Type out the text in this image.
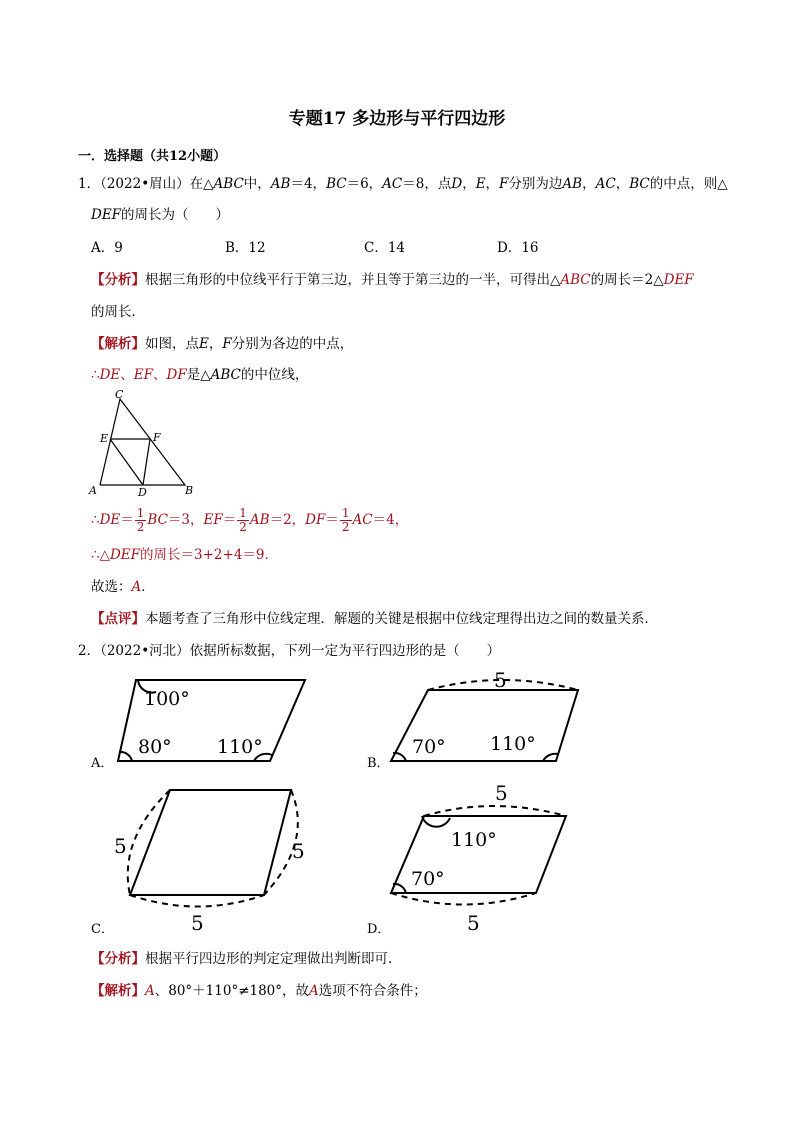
专题17 多边形与平行四边形
一．选择题（共12小题）
1．（2022•眉山）在△ABC中，AB＝4，BC＝6，AC＝8，点D，E，F分别为边AB，AC，BC的中点，则△
DEF的周长为（　　）
A．9	B．12	C．14	D．16
【分析】根据三角形的中位线平行于第三边，并且等于第三边的一半，可得出△ABC的周长＝2△DEF
的周长．
【解析】如图，点E，F分别为各边的中点，
∴DE、EF、DF是△ABC的中位线，
C
E	F
A	D	B
∴DE＝ $\frac{1}{2} BC=3$，$EF= \frac{1}{2} AB=2$，$DF= \frac{1}{2} AC=4$，
∴△DEF的周长＝3+2+4＝9．
故选：A．
【点评】本题考查了三角形中位线定理．解题的关键是根据中位线定理得出边之间的数量关系．
2．（2022•河北）依据所标数据，下列一定为平行四边形的是（　　）
100°
80° 110°
A．
5
70° 110°
B．
5	5
5
C．
5
110°
70°
5
D．
【分析】根据平行四边形的判定定理做出判断即可．
【解析】A、80°＋110°≠180°，故A选项不符合条件；
